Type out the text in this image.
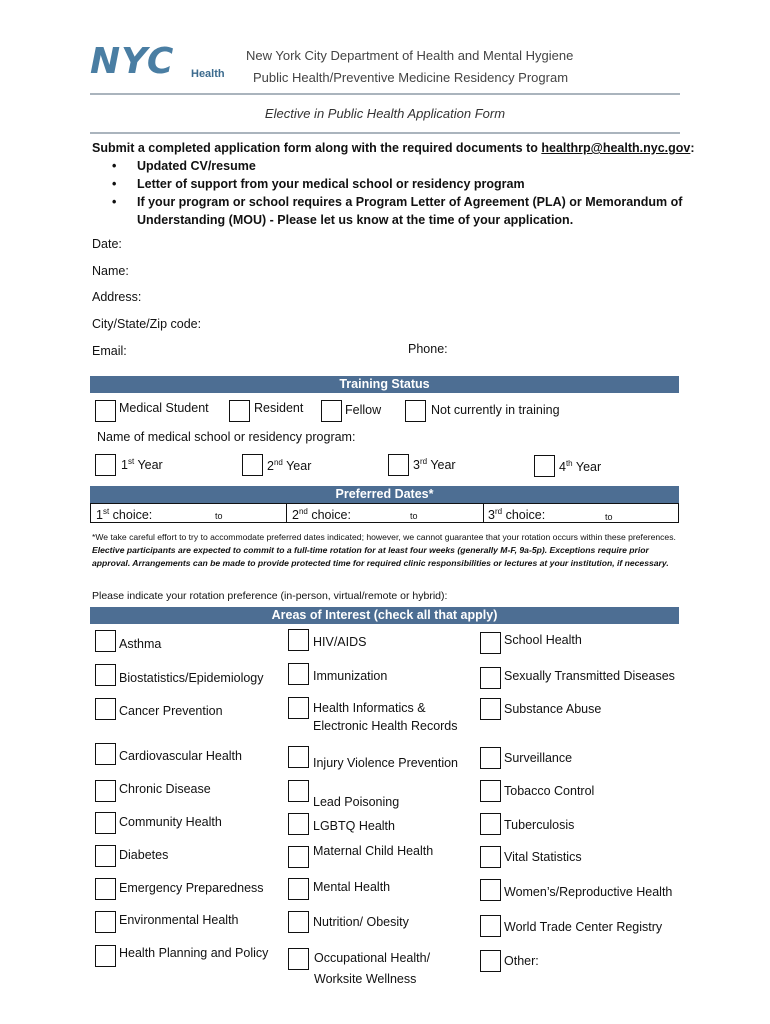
NYC Health
New York City Department of Health and Mental Hygiene
Public Health/Preventive Medicine Residency Program
Elective in Public Health Application Form
Submit a completed application form along with the required documents to healthrp@health.nyc.gov:
• Updated CV/resume
• Letter of support from your medical school or residency program
• If your program or school requires a Program Letter of Agreement (PLA) or Memorandum of
Understanding (MOU) - Please let us know at the time of your application.
Date:
Name:
Address:
City/State/Zip code:
Email:	Phone:
Training Status
Medical Student	Resident	Fellow	Not currently in training
Name of medical school or residency program:
1st Year	2nd Year	3rd Year	4th Year
Preferred Dates*
1st choice:	to	2nd choice:	to	3rd choice:	to
*We take careful effort to try to accommodate preferred dates indicated; however, we cannot guarantee that your rotation occurs within these preferences. Elective participants are expected to commit to a full-time rotation for at least four weeks (generally M-F, 9a-5p). Exceptions require prior approval. Arrangements can be made to provide protected time for required clinic responsibilities or lectures at your institution, if necessary.
Please indicate your rotation preference (in-person, virtual/remote or hybrid):
Areas of Interest (check all that apply)
Asthma
Biostatistics/Epidemiology
Cancer Prevention
Cardiovascular Health
Chronic Disease
Community Health
Diabetes
Emergency Preparedness
Environmental Health
Health Planning and Policy
HIV/AIDS
Immunization
Health Informatics &
Electronic Health Records
Injury Violence Prevention
Lead Poisoning
LGBTQ Health
Maternal Child Health
Mental Health
Nutrition/ Obesity
Occupational Health/
Worksite Wellness
School Health
Sexually Transmitted Diseases
Substance Abuse
Surveillance
Tobacco Control
Tuberculosis
Vital Statistics
Women’s/Reproductive Health
World Trade Center Registry
Other:
